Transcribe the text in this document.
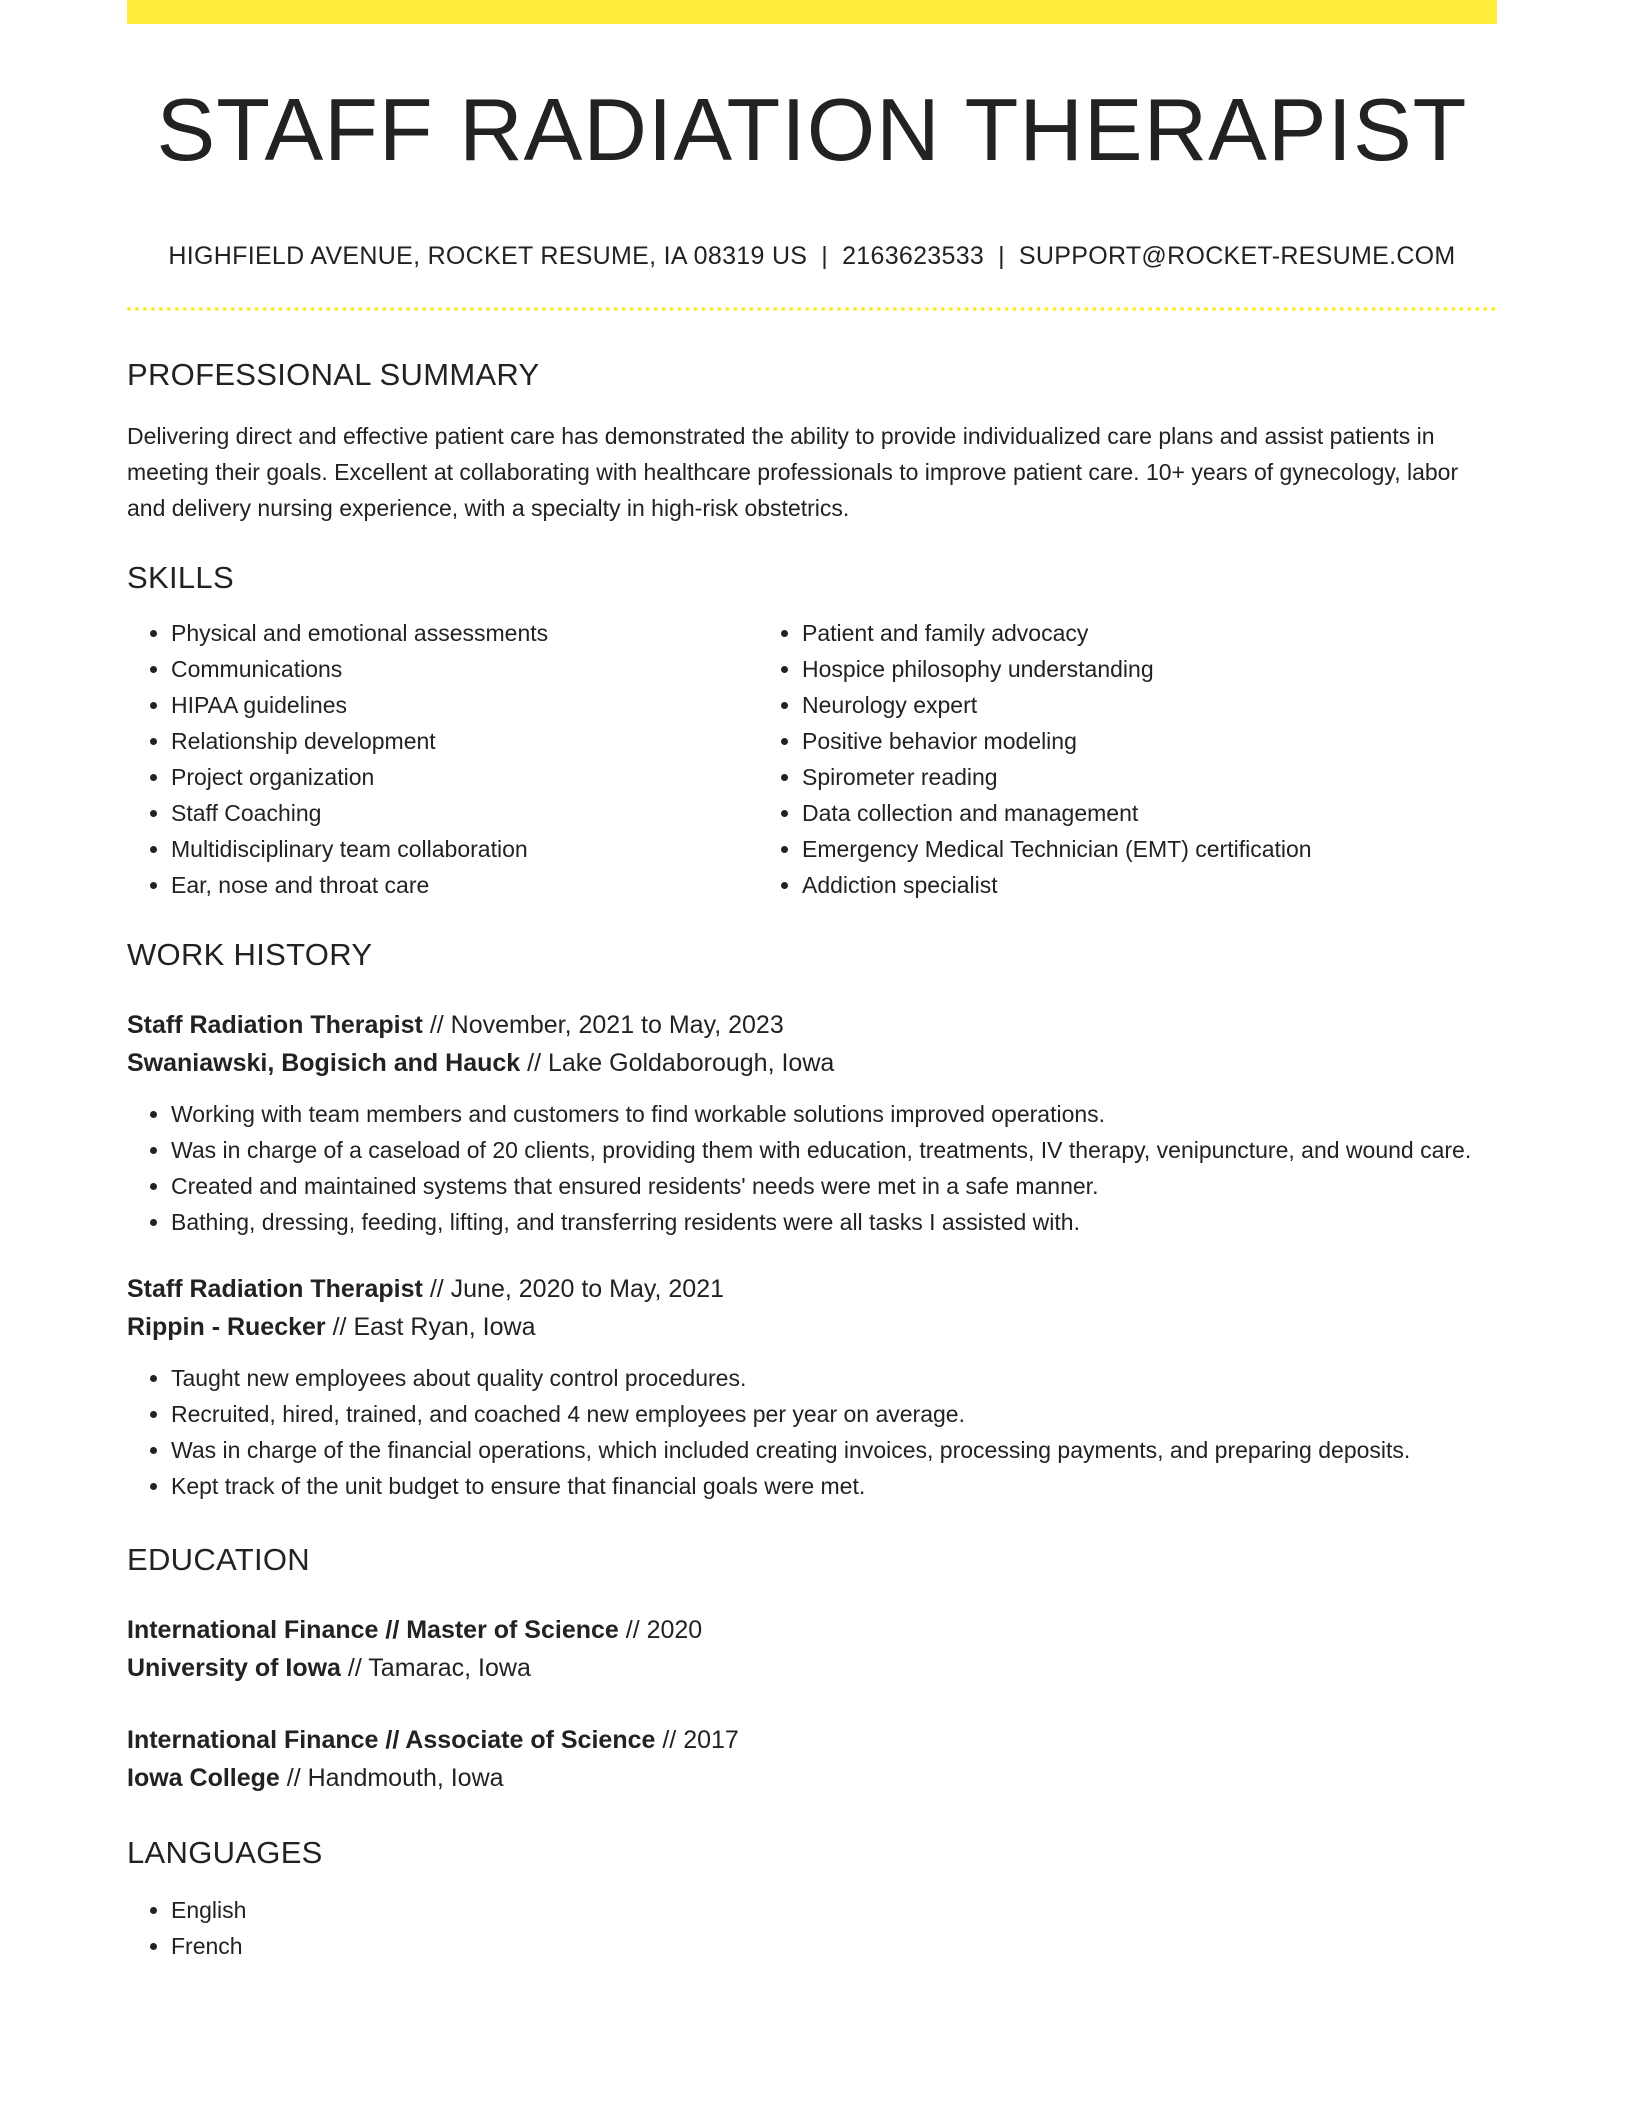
STAFF RADIATION THERAPIST
HIGHFIELD AVENUE, ROCKET RESUME, IA 08319 US | 2163623533 | SUPPORT@ROCKET-RESUME.COM
PROFESSIONAL SUMMARY

Delivering direct and effective patient care has demonstrated the ability to provide individualized care plans and assist patients in meeting their goals. Excellent at collaborating with healthcare professionals to improve patient care. 10+ years of gynecology, labor and delivery nursing experience, with a specialty in high-risk obstetrics.

SKILLS
• Physical and emotional assessments
• Communications
• HIPAA guidelines
• Relationship development
• Project organization
• Staff Coaching
• Multidisciplinary team collaboration
• Ear, nose and throat care
• Patient and family advocacy
• Hospice philosophy understanding
• Neurology expert
• Positive behavior modeling
• Spirometer reading
• Data collection and management
• Emergency Medical Technician (EMT) certification
• Addiction specialist
WORK HISTORY
Staff Radiation Therapist // November, 2021 to May, 2023
Swaniawski, Bogisich and Hauck // Lake Goldaborough, Iowa
• Working with team members and customers to find workable solutions improved operations.
• Was in charge of a caseload of 20 clients, providing them with education, treatments, IV therapy, venipuncture, and wound care.
• Created and maintained systems that ensured residents' needs were met in a safe manner.
• Bathing, dressing, feeding, lifting, and transferring residents were all tasks I assisted with.
Staff Radiation Therapist // June, 2020 to May, 2021
Rippin - Ruecker // East Ryan, Iowa
• Taught new employees about quality control procedures.
• Recruited, hired, trained, and coached 4 new employees per year on average.
• Was in charge of the financial operations, which included creating invoices, processing payments, and preparing deposits.
• Kept track of the unit budget to ensure that financial goals were met.
EDUCATION
International Finance // Master of Science // 2020
University of Iowa // Tamarac, Iowa
International Finance // Associate of Science // 2017
Iowa College // Handmouth, Iowa
LANGUAGES
• English
• French
